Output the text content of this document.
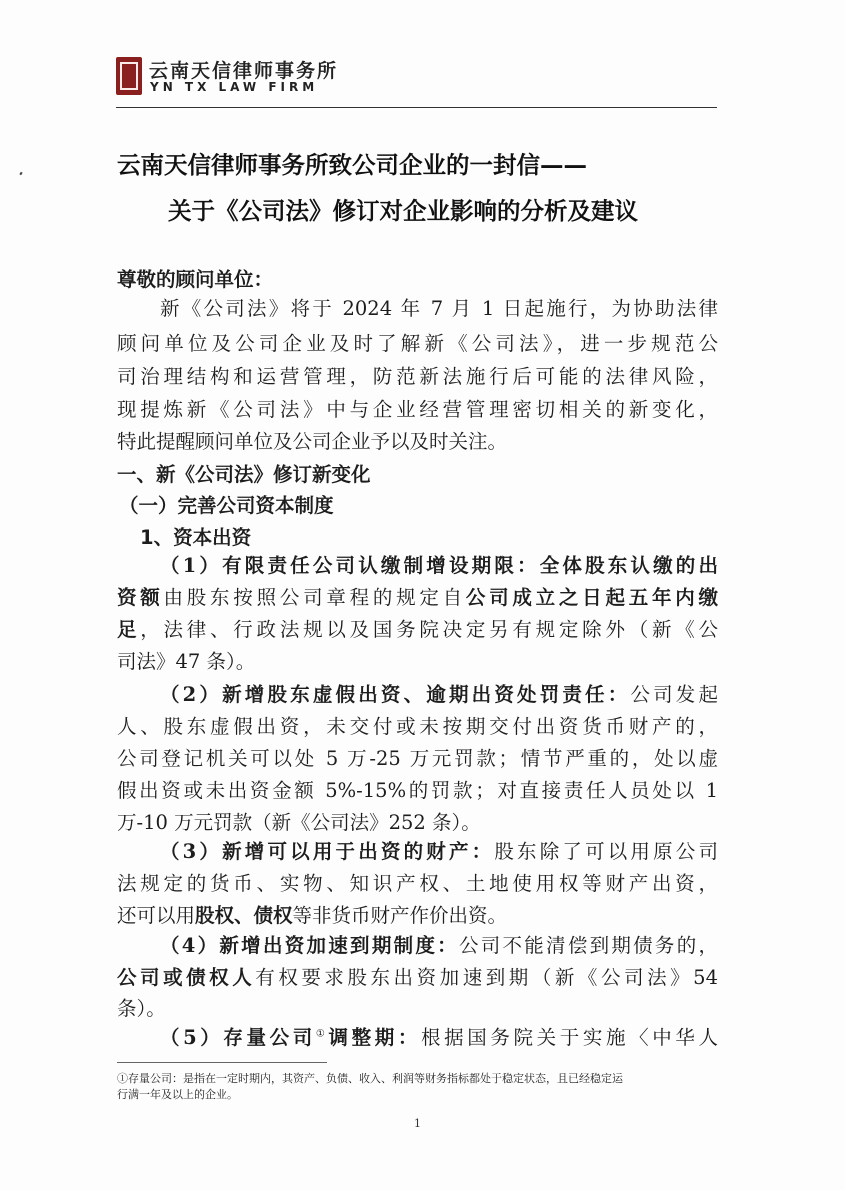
云南天信律师事务所
YN TX LAW FIRM
云南天信律师事务所致公司企业的一封信——
关于《公司法》修订对企业影响的分析及建议
尊敬的顾问单位：
新《公司法》将于 2024 年 7 月 1 日起施行，为协助法律
顾问单位及公司企业及时了解新《公司法》，进一步规范公
司治理结构和运营管理，防范新法施行后可能的法律风险，
现提炼新《公司法》中与企业经营管理密切相关的新变化，
特此提醒顾问单位及公司企业予以及时关注。
一、新《公司法》修订新变化
（一）完善公司资本制度
1、资本出资
（1）有限责任公司认缴制增设期限：全体股东认缴的出
资额由股东按照公司章程的规定自公司成立之日起五年内缴
足，法律、行政法规以及国务院决定另有规定除外（新《公
司法》47 条）。
（2）新增股东虚假出资、逾期出资处罚责任：公司发起
人、股东虚假出资，未交付或未按期交付出资货币财产的，
公司登记机关可以处 5 万-25 万元罚款；情节严重的，处以虚
假出资或未出资金额 5%-15%的罚款；对直接责任人员处以 1
万-10 万元罚款（新《公司法》252 条）。
（3）新增可以用于出资的财产：股东除了可以用原公司
法规定的货币、实物、知识产权、土地使用权等财产出资，
还可以用股权、债权等非货币财产作价出资。
（4）新增出资加速到期制度：公司不能清偿到期债务的，
公司或债权人有权要求股东出资加速到期（新《公司法》54
条）。
（5）存量公司①调整期：根据国务院关于实施〈中华人
①存量公司：是指在一定时期内，其资产、负债、收入、利润等财务指标都处于稳定状态，且已经稳定运
行满一年及以上的企业。
1
